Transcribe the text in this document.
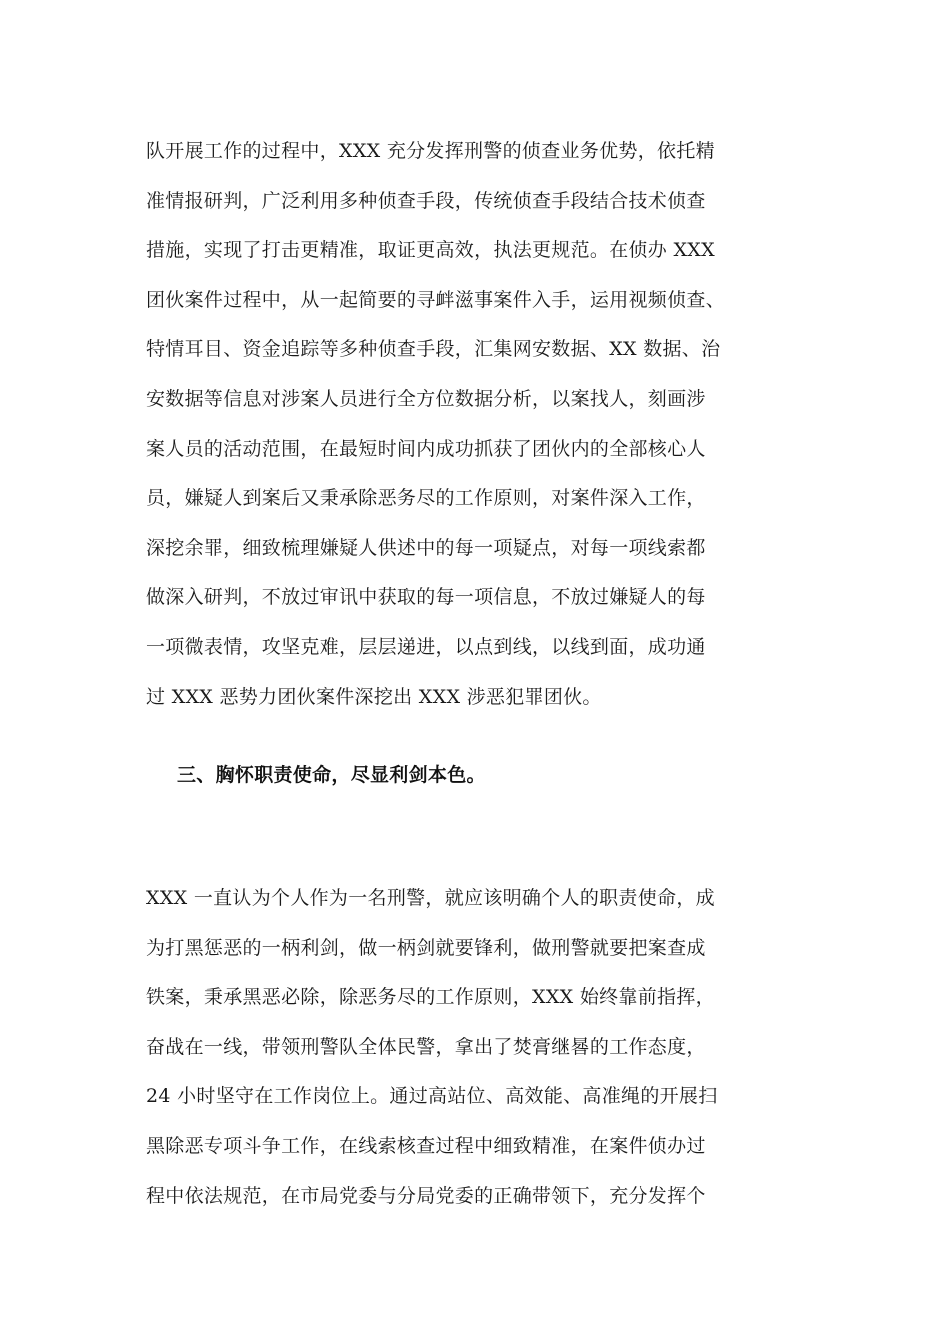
队开展工作的过程中，XXX 充分发挥刑警的侦查业务优势，依托精
准情报研判，广泛利用多种侦查手段，传统侦查手段结合技术侦查
措施，实现了打击更精准，取证更高效，执法更规范。在侦办 XXX
团伙案件过程中，从一起简要的寻衅滋事案件入手，运用视频侦查、
特情耳目、资金追踪等多种侦查手段，汇集网安数据、XX 数据、治
安数据等信息对涉案人员进行全方位数据分析，以案找人，刻画涉
案人员的活动范围，在最短时间内成功抓获了团伙内的全部核心人
员，嫌疑人到案后又秉承除恶务尽的工作原则，对案件深入工作，
深挖余罪，细致梳理嫌疑人供述中的每一项疑点，对每一项线索都
做深入研判，不放过审讯中获取的每一项信息，不放过嫌疑人的每
一项微表情，攻坚克难，层层递进，以点到线，以线到面，成功通
过 XXX 恶势力团伙案件深挖出 XXX 涉恶犯罪团伙。
三、胸怀职责使命，尽显利剑本色。
XXX 一直认为个人作为一名刑警，就应该明确个人的职责使命，成
为打黑惩恶的一柄利剑，做一柄剑就要锋利，做刑警就要把案查成
铁案，秉承黑恶必除，除恶务尽的工作原则，XXX 始终靠前指挥，
奋战在一线，带领刑警队全体民警，拿出了焚膏继晷的工作态度，
24 小时坚守在工作岗位上。通过高站位、高效能、高准绳的开展扫
黑除恶专项斗争工作，在线索核查过程中细致精准，在案件侦办过
程中依法规范，在市局党委与分局党委的正确带领下，充分发挥个
